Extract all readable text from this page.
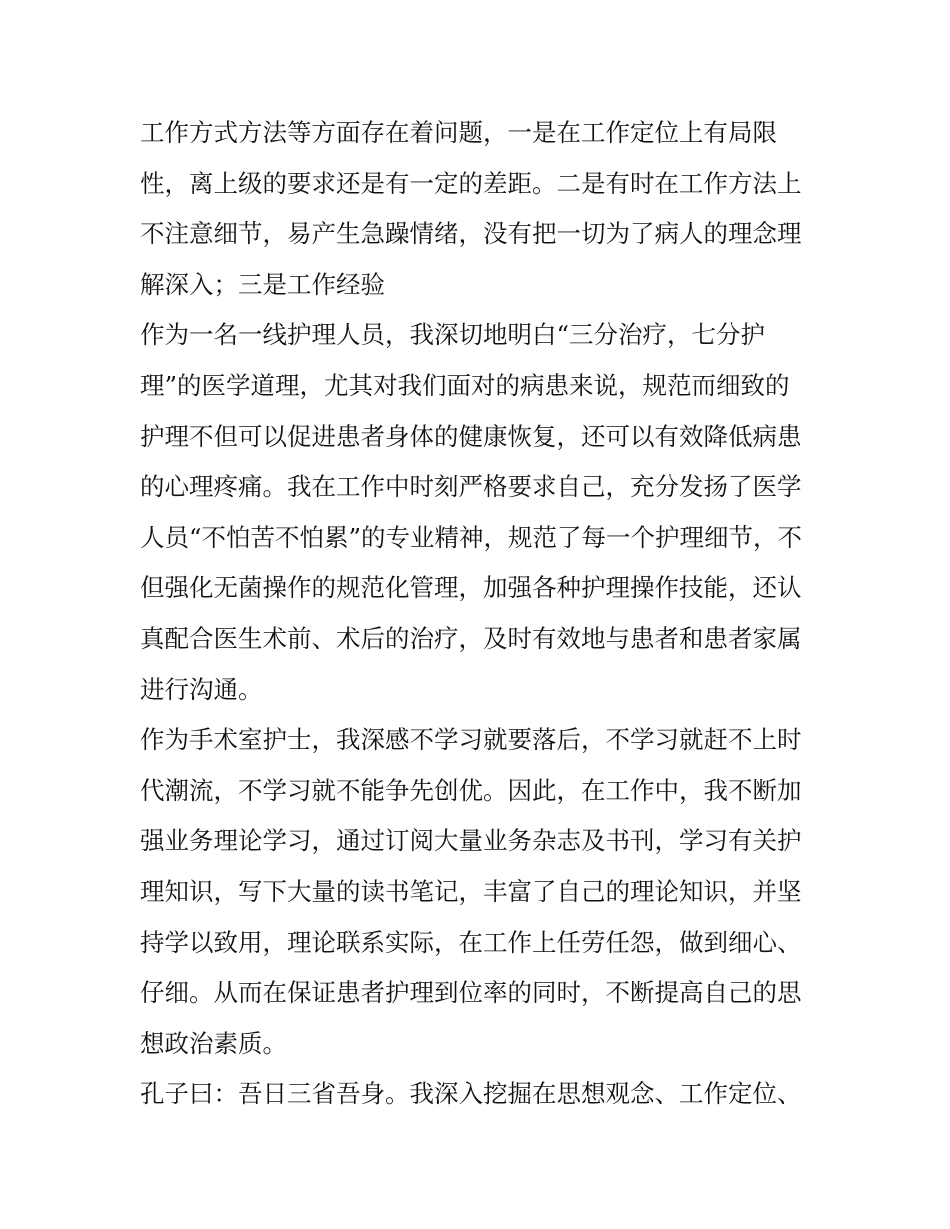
工作方式方法等方面存在着问题，一是在工作定位上有局限
性，离上级的要求还是有一定的差距。二是有时在工作方法上
不注意细节，易产生急躁情绪，没有把一切为了病人的理念理
解深入；三是工作经验
作为一名一线护理人员，我深切地明白“三分治疗，七分护
理”的医学道理，尤其对我们面对的病患来说，规范而细致的
护理不但可以促进患者身体的健康恢复，还可以有效降低病患
的心理疼痛。我在工作中时刻严格要求自己，充分发扬了医学
人员“不怕苦不怕累”的专业精神，规范了每一个护理细节，不
但强化无菌操作的规范化管理，加强各种护理操作技能，还认
真配合医生术前、术后的治疗，及时有效地与患者和患者家属
进行沟通。
作为手术室护士，我深感不学习就要落后，不学习就赶不上时
代潮流，不学习就不能争先创优。因此，在工作中，我不断加
强业务理论学习，通过订阅大量业务杂志及书刊，学习有关护
理知识，写下大量的读书笔记，丰富了自己的理论知识，并坚
持学以致用，理论联系实际，在工作上任劳任怨，做到细心、
仔细。从而在保证患者护理到位率的同时，不断提高自己的思
想政治素质。
孔子曰：吾日三省吾身。我深入挖掘在思想观念、工作定位、
